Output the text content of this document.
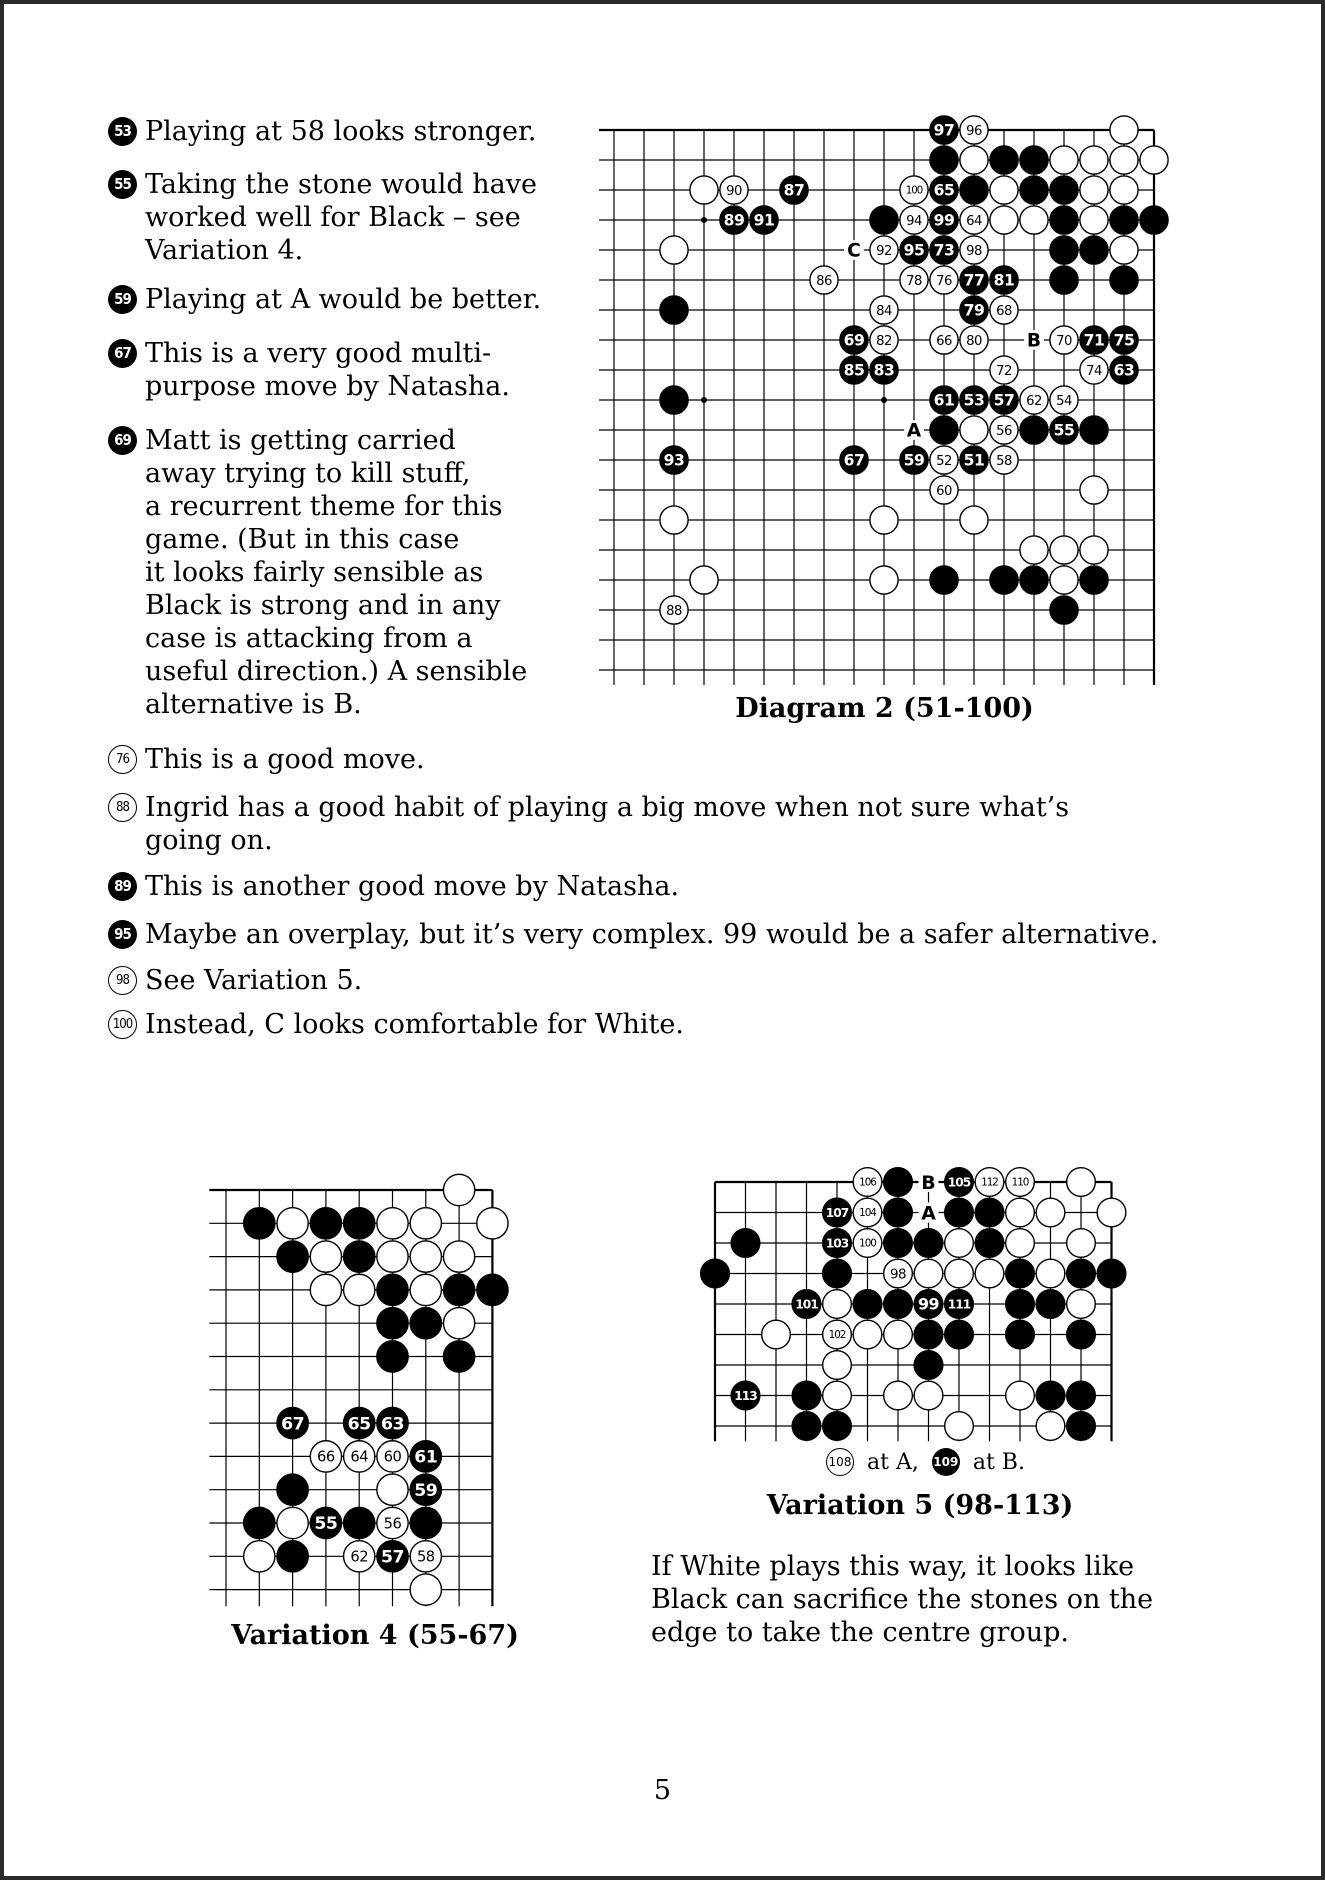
53 Playing at 58 looks stronger.
55 Taking the stone would have
worked well for Black – see
Variation 4.
59 Playing at A would be better.
67 This is a very good multi-
purpose move by Natasha.
69 Matt is getting carried
away trying to kill stuff,
a recurrent theme for this
game. (But in this case
it looks fairly sensible as
Black is strong and in any
case is attacking from a
useful direction.) A sensible
alternative is B.
76 This is a good move.
88 Ingrid has a good habit of playing a big move when not sure what’s
going on.
89 This is another good move by Natasha.
95 Maybe an overplay, but it’s very complex. 99 would be a safer alternative.
98 See Variation 5.
100 Instead, C looks comfortable for White.
97 96
90	87	100 65
89 91	94 99 64
92 95 73 98
86	78 76 77 81
84	79 68
69 82	66 80	70 71 75
85 83	72	74 63
61 53 57 62 54
56	55
93	67	59 52 51 58
60
88
C
B
A
Diagram 2 (51-100)
67	65 63
66 64 60 61
59
55	56
62 57 58
Variation 4 (55-67)
106	105 112 110
107 104
103 100
98
101	99 111
102
113
B
A
108 at A, 109 at B.
Variation 5 (98-113)
If White plays this way, it looks like
Black can sacrifice the stones on the
edge to take the centre group.
5
